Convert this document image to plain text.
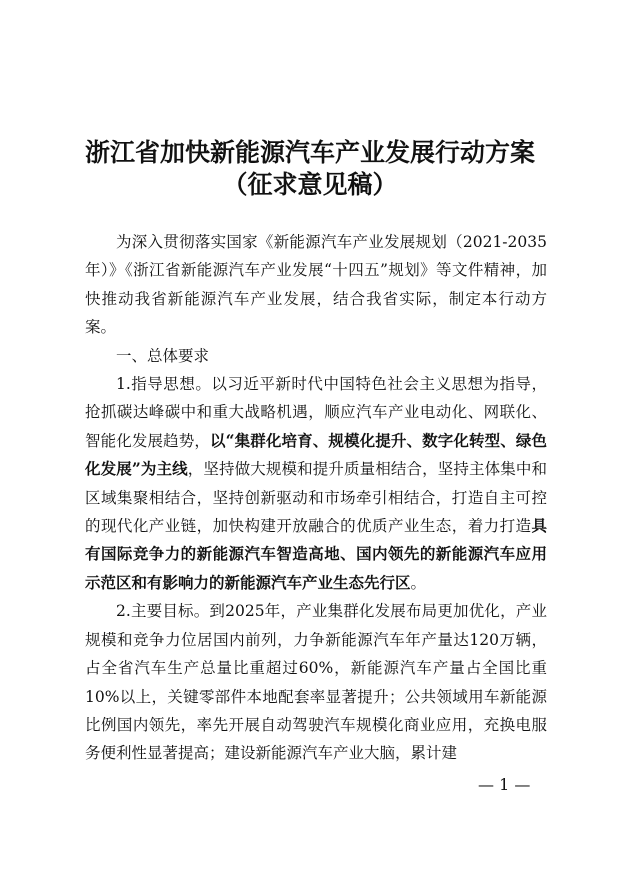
浙江省加快新能源汽车产业发展行动方案
（征求意见稿）

为深入贯彻落实国家《新能源汽车产业发展规划（2021-2035年）》《浙江省新能源汽车产业发展“十四五”规划》等文件精神，加快推动我省新能源汽车产业发展，结合我省实际，制定本行动方案。

一、总体要求

1.指导思想。以习近平新时代中国特色社会主义思想为指导，抢抓碳达峰碳中和重大战略机遇，顺应汽车产业电动化、网联化、智能化发展趋势，以“集群化培育、规模化提升、数字化转型、绿色化发展”为主线，坚持做大规模和提升质量相结合，坚持主体集中和区域集聚相结合，坚持创新驱动和市场牵引相结合，打造自主可控的现代化产业链，加快构建开放融合的优质产业生态，着力打造具有国际竞争力的新能源汽车智造高地、国内领先的新能源汽车应用示范区和有影响力的新能源汽车产业生态先行区。

2.主要目标。到2025年，产业集群化发展布局更加优化，产业规模和竞争力位居国内前列，力争新能源汽车年产量达120万辆，占全省汽车生产总量比重超过60%，新能源汽车产量占全国比重10%以上，关键零部件本地配套率显著提升；公共领域用车新能源比例国内领先，率先开展自动驾驶汽车规模化商业应用，充换电服务便利性显著提高；建设新能源汽车产业大脑，累计建

— 1 —
